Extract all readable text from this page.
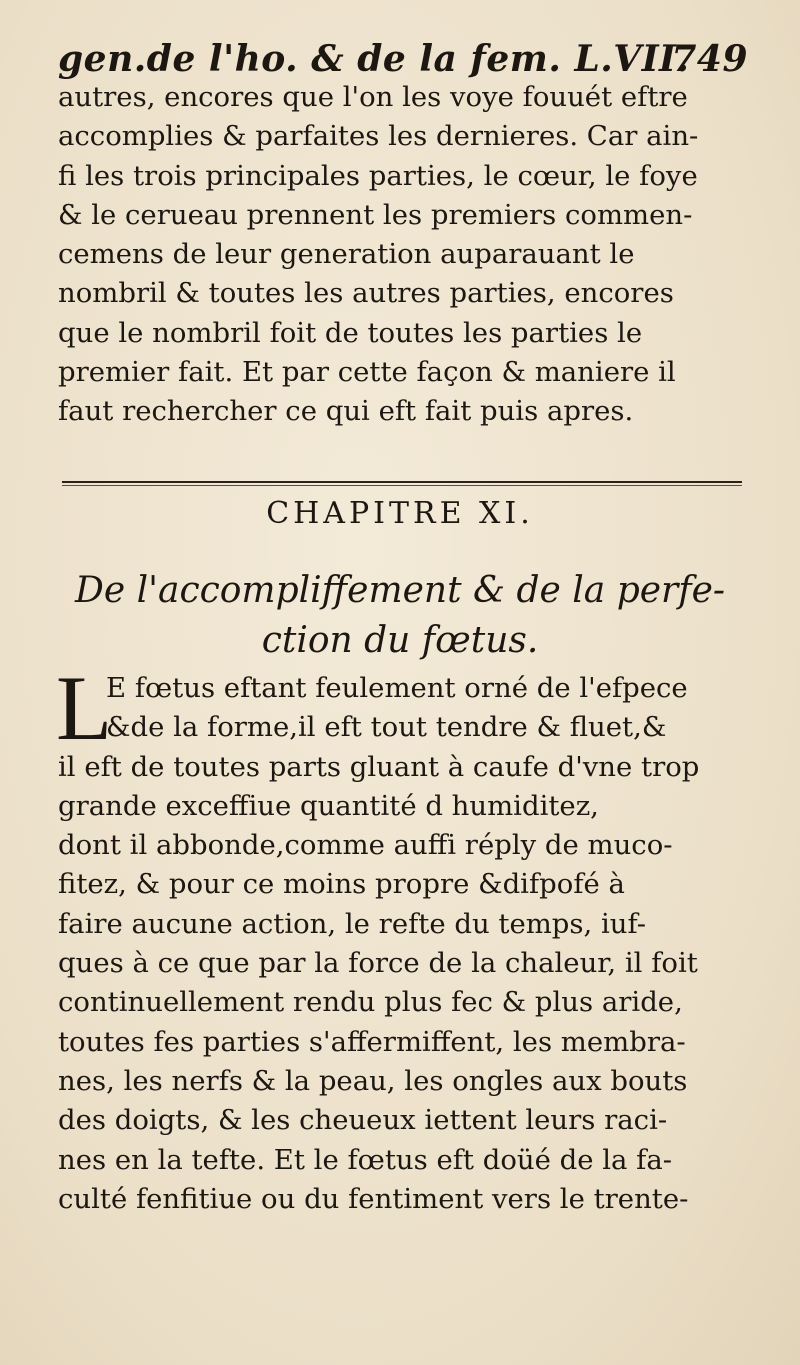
gen.de l'ho. & de la fem. L.VII.
749
autres, encores que l'on les voye fouuét eftre
accomplies & parfaites les dernieres. Car ain-
fi les trois principales parties, le cœur, le foye
& le cerueau prennent les premiers commen-
cemens de leur generation auparauant le
nombril & toutes les autres parties, encores
que le nombril foit de toutes les parties le
premier fait. Et par cette façon & maniere il
faut rechercher ce qui eft fait puis apres.
CHAPITRE XI.
De l'accompliffement & de la perfe-
ction du fœtus.
L
E fœtus eftant feulement orné de l'efpece
&de la forme,il eft tout tendre & fluet,&
il eft de toutes parts gluant à caufe d'vne trop
grande exceffiue quantité d humiditez,
dont il abbonde,comme auffi réply de muco-
fitez, & pour ce moins propre &difpofé à
faire aucune action, le refte du temps, iuf-
ques à ce que par la force de la chaleur, il foit
continuellement rendu plus fec & plus aride,
toutes fes parties s'affermiffent, les membra-
nes, les nerfs & la peau, les ongles aux bouts
des doigts, & les cheueux iettent leurs raci-
nes en la tefte. Et le fœtus eft doüé de la fa-
culté fenfitiue ou du fentiment vers le trente-
